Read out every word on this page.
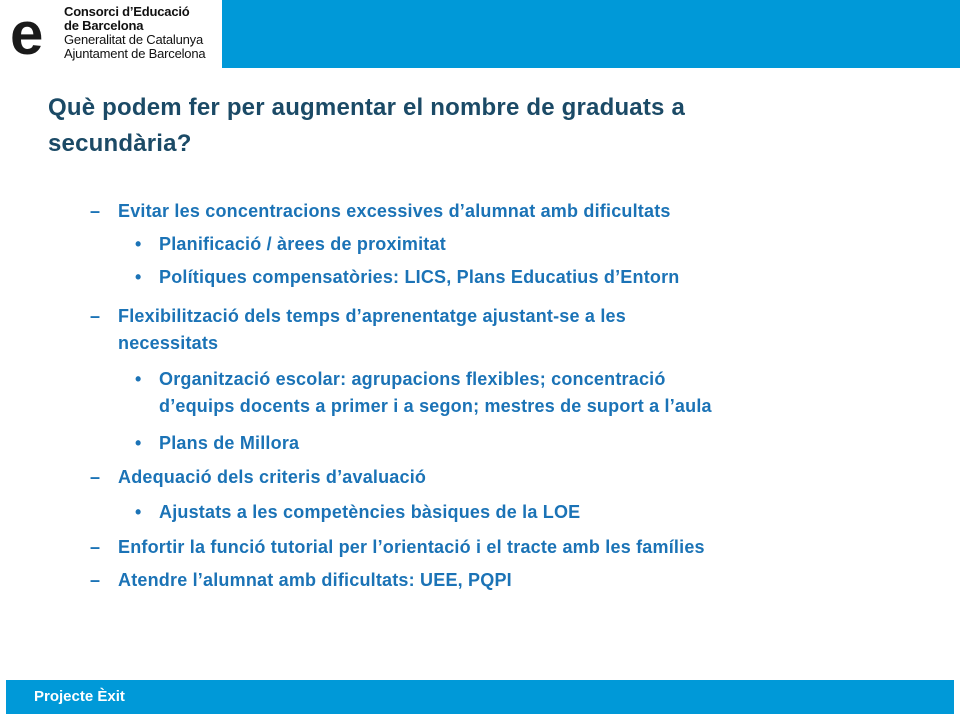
e Consorci d’Educació
de Barcelona
Generalitat de Catalunya
Ajuntament de Barcelona
Què podem fer per augmentar el nombre de graduats a
secundària?
– Evitar les concentracions excessives d’alumnat amb dificultats
• Planificació / àrees de proximitat
• Polítiques compensatòries: LICS, Plans Educatius d’Entorn
– Flexibilització dels temps d’aprenentatge ajustant-se a les
necessitats
• Organització escolar: agrupacions flexibles; concentració
d’equips docents a primer i a segon; mestres de suport a l’aula
• Plans de Millora
– Adequació dels criteris d’avaluació
• Ajustats a les competències bàsiques de la LOE
– Enfortir la funció tutorial per l’orientació i el tracte amb les famílies
– Atendre l’alumnat amb dificultats: UEE, PQPI
Projecte Èxit
